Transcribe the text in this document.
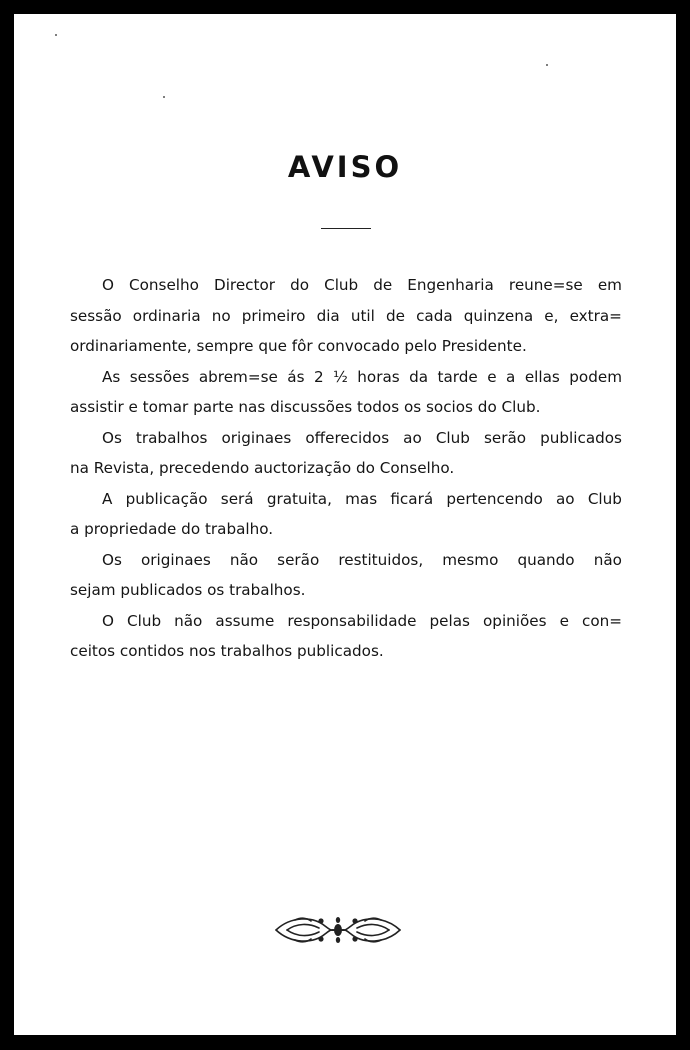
AVISO
O Conselho Director do Club de Engenharia reune=se em
sessão ordinaria no primeiro dia util de cada quinzena e, extra=
ordinariamente, sempre que fôr convocado pelo Presidente.
As sessões abrem=se ás 2 ½ horas da tarde e a ellas podem
assistir e tomar parte nas discussões todos os socios do Club.
Os trabalhos originaes offerecidos ao Club serão publicados
na Revista, precedendo auctorização do Conselho.
A publicação será gratuita, mas ficará pertencendo ao Club
a propriedade do trabalho.
Os originaes não serão restituidos, mesmo quando não
sejam publicados os trabalhos.
O Club não assume responsabilidade pelas opiniões e con=
ceitos contidos nos trabalhos publicados.
